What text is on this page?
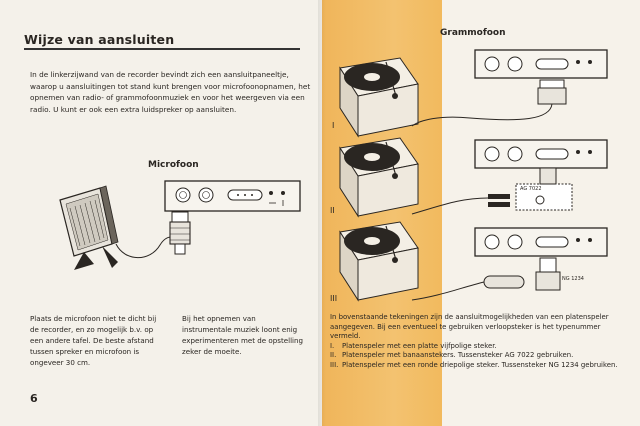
Wijze van aansluiten

In de linkerzijwand van de recorder bevindt zich een aansluitpaneeltje, waarop u aansluitingen tot stand kunt brengen voor microfoonopnamen, het opnemen van radio- of grammofoonmuziek en voor het weergeven via een radio. U kunt er ook een extra luidspreker op aansluiten.

Microfoon
Grammofoon
AG 7022
NG 1234
I
II
III

Plaats de microfoon niet te dicht bij de recorder, en zo mogelijk b.v. op een andere tafel. De beste afstand tussen spreker en microfoon is ongeveer 30 cm.

Bij het opnemen van instrumentale muziek loont enig experimenteren met de opstelling zeker de moeite.

In bovenstaande tekeningen zijn de aansluitmogelijkheden van een platenspeler aangegeven. Bij een eventueel te gebruiken verloopsteker is het typenummer vermeld.

I.	Platenspeler met een platte vijfpolige steker.
II. Platenspeler met banaanstekers. Tussensteker AG 7022 gebruiken.
III. Platenspeler met een ronde driepolige steker. Tussensteker NG 1234 gebruiken.
6
